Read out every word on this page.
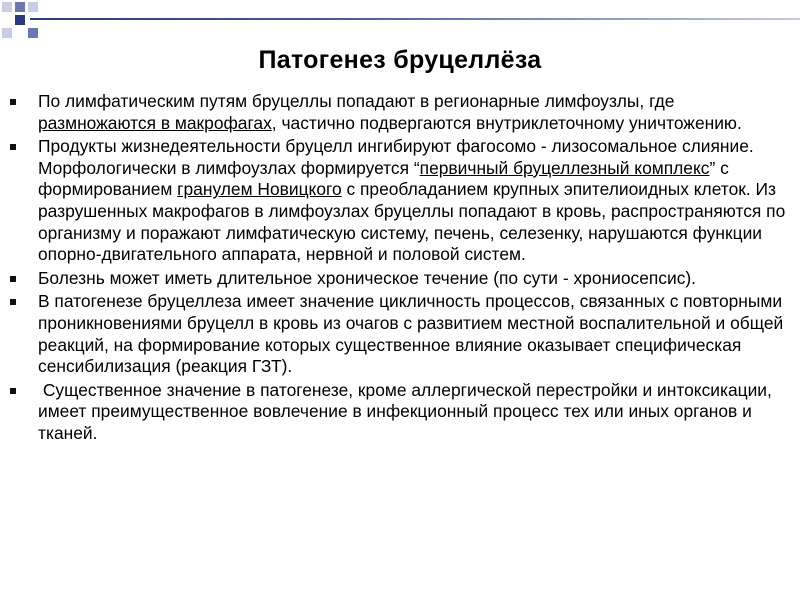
Патогенез бруцеллёза
По лимфатическим путям бруцеллы попадают в регионарные лимфоузлы, где размножаются в макрофагах, частично подвергаются внутриклеточному уничтожению.
Продукты жизнедеятельности бруцелл ингибируют фагосомо - лизосомальное слияние. Морфологически в лимфоузлах формируется “первичный бруцеллезный комплекс” с формированием гранулем Новицкого с преобладанием крупных эпителиоидных клеток. Из разрушенных макрофагов в лимфоузлах бруцеллы попадают в кровь, распространяются по организму и поражают лимфатическую систему, печень, селезенку, нарушаются функции опорно-двигательного аппарата, нервной и половой систем.
Болезнь может иметь длительное хроническое течение (по сути - хрониосепсис).
В патогенезе бруцеллеза имеет значение цикличность процессов, связанных с повторными проникновениями бруцелл в кровь из очагов с развитием местной воспалительной и общей реакций, на формирование которых существенное влияние оказывает специфическая сенсибилизация (реакция ГЗТ).
Существенное значение в патогенезе, кроме аллергической перестройки и интоксикации, имеет преимущественное вовлечение в инфекционный процесс тех или иных органов и тканей.
